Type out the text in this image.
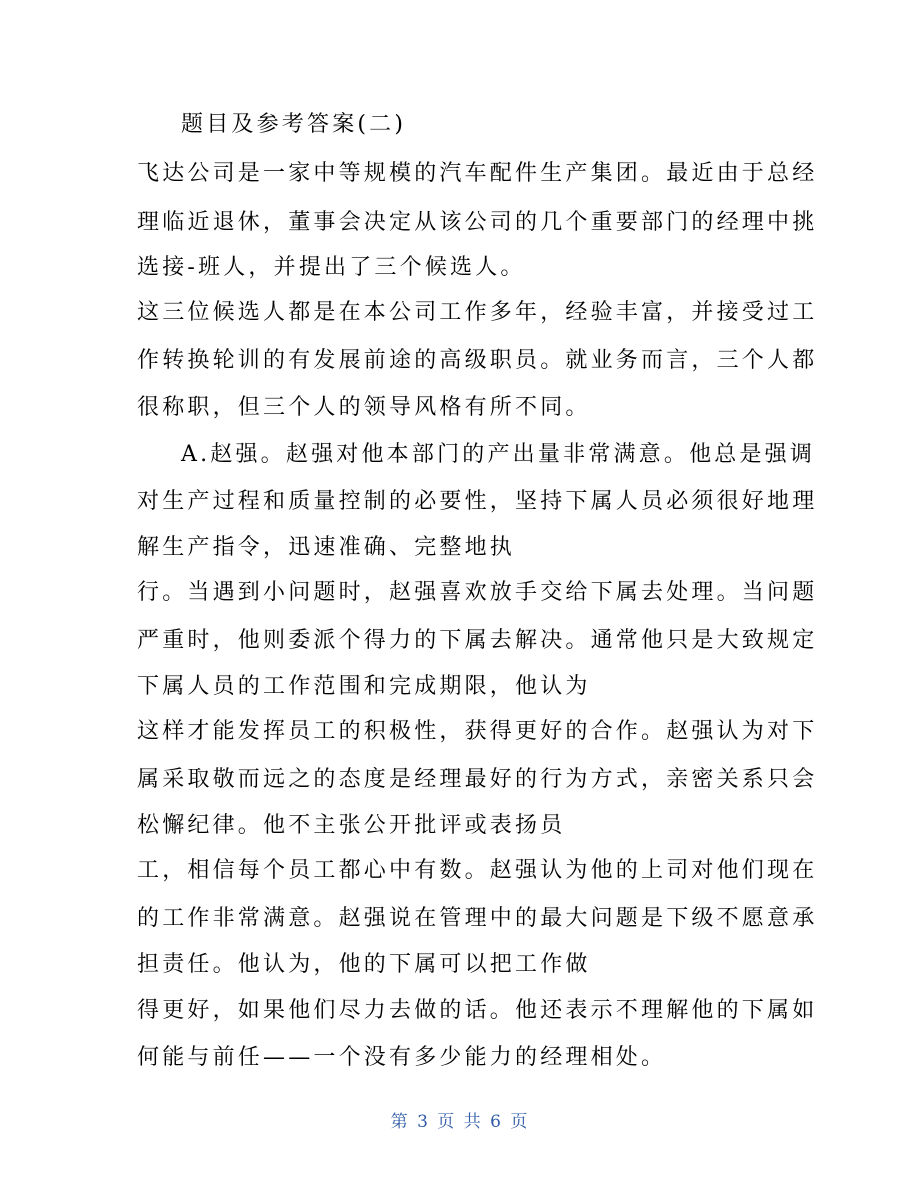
题目及参考答案(二)
飞达公司是一家中等规模的汽车配件生产集团。最近由于总经
理临近退休，董事会决定从该公司的几个重要部门的经理中挑
选接-班人，并提出了三个候选人。
这三位候选人都是在本公司工作多年，经验丰富，并接受过工
作转换轮训的有发展前途的高级职员。就业务而言，三个人都
很称职，但三个人的领导风格有所不同。
A.赵强。赵强对他本部门的产出量非常满意。他总是强调
对生产过程和质量控制的必要性，坚持下属人员必须很好地理
解生产指令，迅速准确、完整地执
行。当遇到小问题时，赵强喜欢放手交给下属去处理。当问题
严重时，他则委派个得力的下属去解决。通常他只是大致规定
下属人员的工作范围和完成期限，他认为
这样才能发挥员工的积极性，获得更好的合作。赵强认为对下
属采取敬而远之的态度是经理最好的行为方式，亲密关系只会
松懈纪律。他不主张公开批评或表扬员
工，相信每个员工都心中有数。赵强认为他的上司对他们现在
的工作非常满意。赵强说在管理中的最大问题是下级不愿意承
担责任。他认为，他的下属可以把工作做
得更好，如果他们尽力去做的话。他还表示不理解他的下属如
何能与前任——一个没有多少能力的经理相处。
第 3 页 共 6 页
